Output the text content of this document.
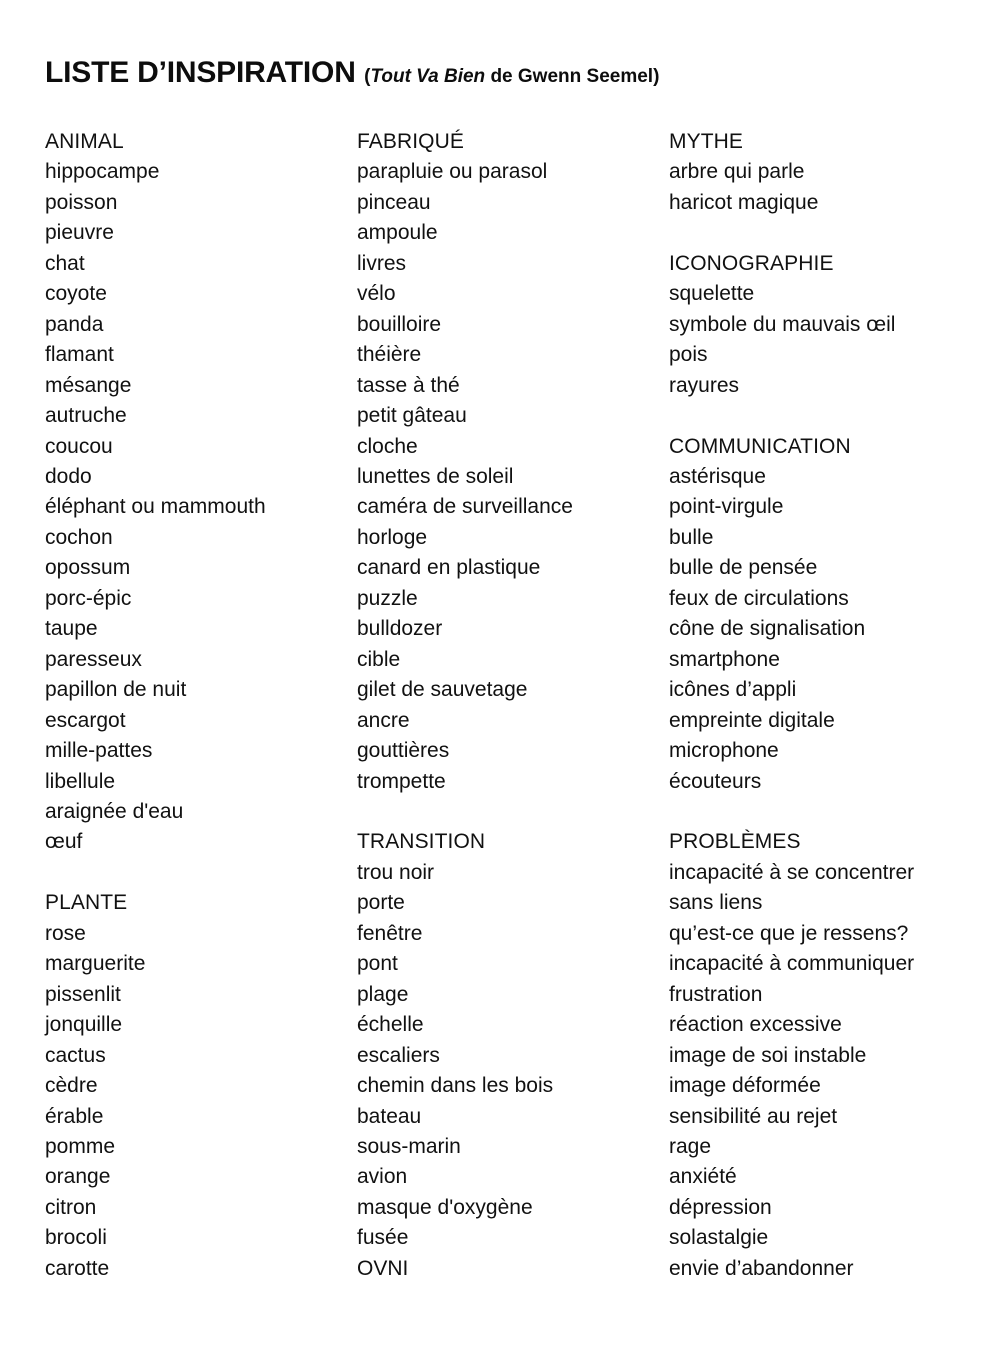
LISTE D’INSPIRATION (Tout Va Bien de Gwenn Seemel)
ANIMAL
hippocampe
poisson
pieuvre
chat
coyote
panda
flamant
mésange
autruche
coucou
dodo
éléphant ou mammouth
cochon
opossum
porc-épic
taupe
paresseux
papillon de nuit
escargot
mille-pattes
libellule
araignée d'eau
œuf
PLANTE
rose
marguerite
pissenlit
jonquille
cactus
cèdre
érable
pomme
orange
citron
brocoli
carotte
FABRIQUÉ
parapluie ou parasol
pinceau
ampoule
livres
vélo
bouilloire
théière
tasse à thé
petit gâteau
cloche
lunettes de soleil
caméra de surveillance
horloge
canard en plastique
puzzle
bulldozer
cible
gilet de sauvetage
ancre
gouttières
trompette
TRANSITION
trou noir
porte
fenêtre
pont
plage
échelle
escaliers
chemin dans les bois
bateau
sous-marin
avion
masque d'oxygène
fusée
OVNI
MYTHE
arbre qui parle
haricot magique
ICONOGRAPHIE
squelette
symbole du mauvais œil
pois
rayures
COMMUNICATION
astérisque
point-virgule
bulle
bulle de pensée
feux de circulations
cône de signalisation
smartphone
icônes d’appli
empreinte digitale
microphone
écouteurs
PROBLÈMES
incapacité à se concentrer
sans liens
qu’est-ce que je ressens?
incapacité à communiquer
frustration
réaction excessive
image de soi instable
image déformée
sensibilité au rejet
rage
anxiété
dépression
solastalgie
envie d’abandonner
